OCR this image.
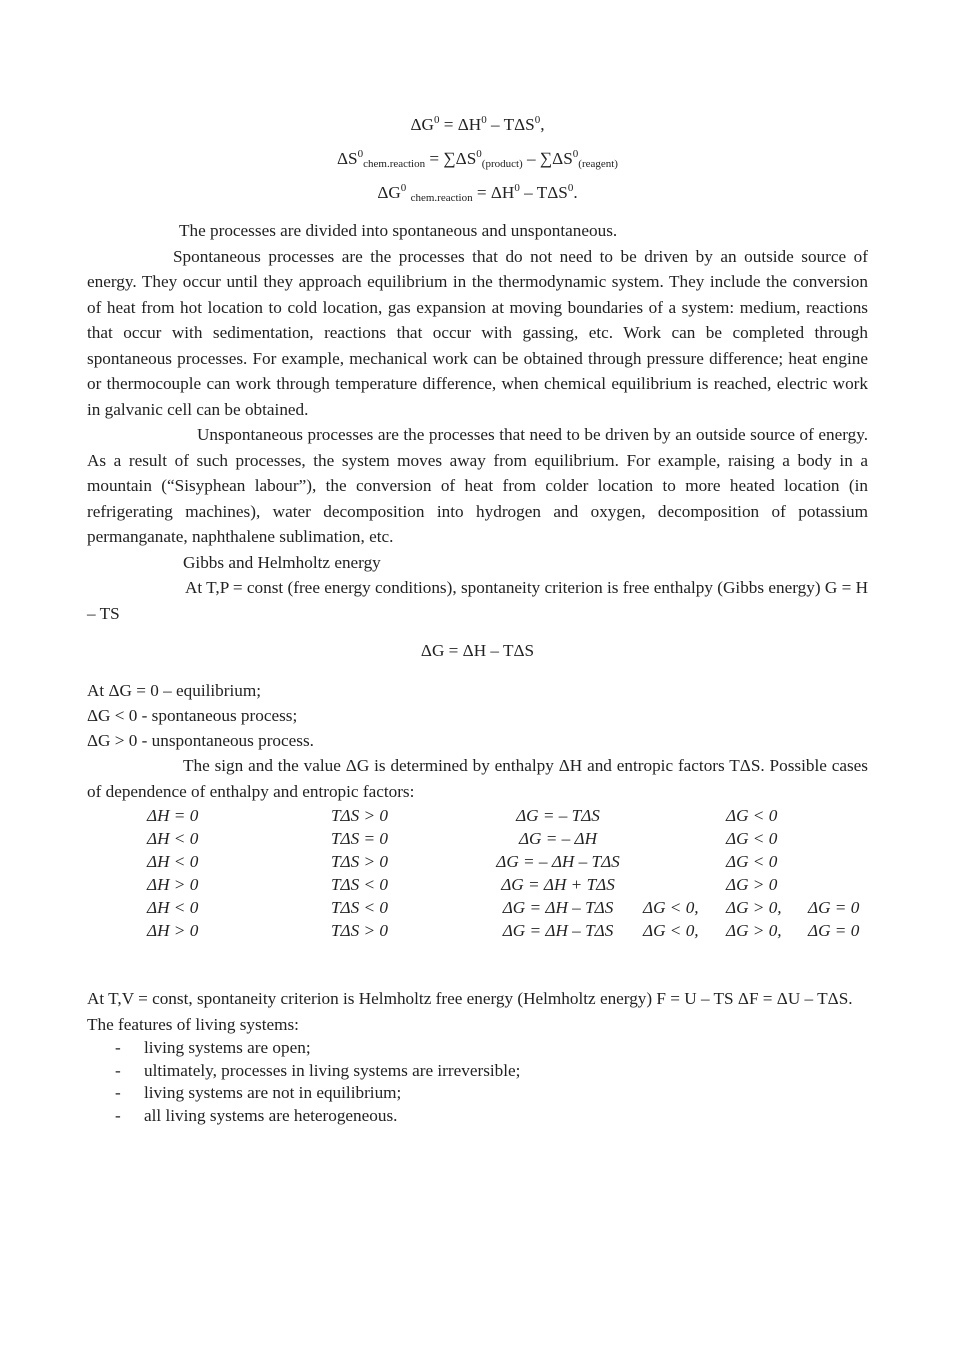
$\Delta G^0 = \Delta H^0 - T\Delta S^0$,
$\Delta S^0_{chem.reaction} = \sum\Delta S^0_{(product)} - \sum\Delta S^0_{(reagent)}$
$\Delta G^0$ $_{chem.reaction} = \Delta H^0 - T\Delta S^0$.

The processes are divided into spontaneous and unspontaneous.

Spontaneous processes are the processes that do not need to be driven by an outside source of energy. They occur until they approach equilibrium in the thermodynamic system. They include the conversion of heat from hot location to cold location, gas expansion at moving boundaries of a system: medium, reactions that occur with sedimentation, reactions that occur with gassing, etc. Work can be completed through spontaneous processes. For example, mechanical work can be obtained through pressure difference; heat engine or thermocouple can work through temperature difference, when chemical equilibrium is reached, electric work in galvanic cell can be obtained.

Unspontaneous processes are the processes that need to be driven by an outside source of energy. As a result of such processes, the system moves away from equilibrium. For example, raising a body in a mountain (“Sisyphean labour”), the conversion of heat from colder location to more heated location (in refrigerating machines), water decomposition into hydrogen and oxygen, decomposition of potassium permanganate, naphthalene sublimation, etc.

Gibbs and Helmholtz energy

At T,P = const (free energy conditions), spontaneity criterion is free enthalpy (Gibbs energy) G = H – TS

ΔG = ΔH – TΔS
At ΔG = 0 – equilibrium;
ΔG < 0 - spontaneous process;
ΔG > 0 - unspontaneous process.

The sign and the value ΔG is determined by enthalpy ΔH and entropic factors TΔS. Possible cases of dependence of enthalpy and entropic factors:

ΔH = 0	TΔS > 0	ΔG = – TΔS		ΔG < 0	
ΔH < 0	TΔS = 0	ΔG = – ΔH		ΔG < 0	
ΔH < 0	TΔS > 0	ΔG = – ΔH – TΔS		ΔG < 0	
ΔH > 0	TΔS < 0	ΔG = ΔH + TΔS		ΔG > 0	
ΔH < 0	TΔS < 0	ΔG = ΔH – TΔS	ΔG < 0,	ΔG > 0,	ΔG = 0
ΔH > 0	TΔS > 0	ΔG = ΔH – TΔS	ΔG < 0,	ΔG > 0,	ΔG = 0

At T,V = const, spontaneity criterion is Helmholtz free energy (Helmholtz energy) F = U – TS ΔF = ΔU – TΔS.

The features of living systems:

- living systems are open;
- ultimately, processes in living systems are irreversible;
- living systems are not in equilibrium;
- all living systems are heterogeneous.
